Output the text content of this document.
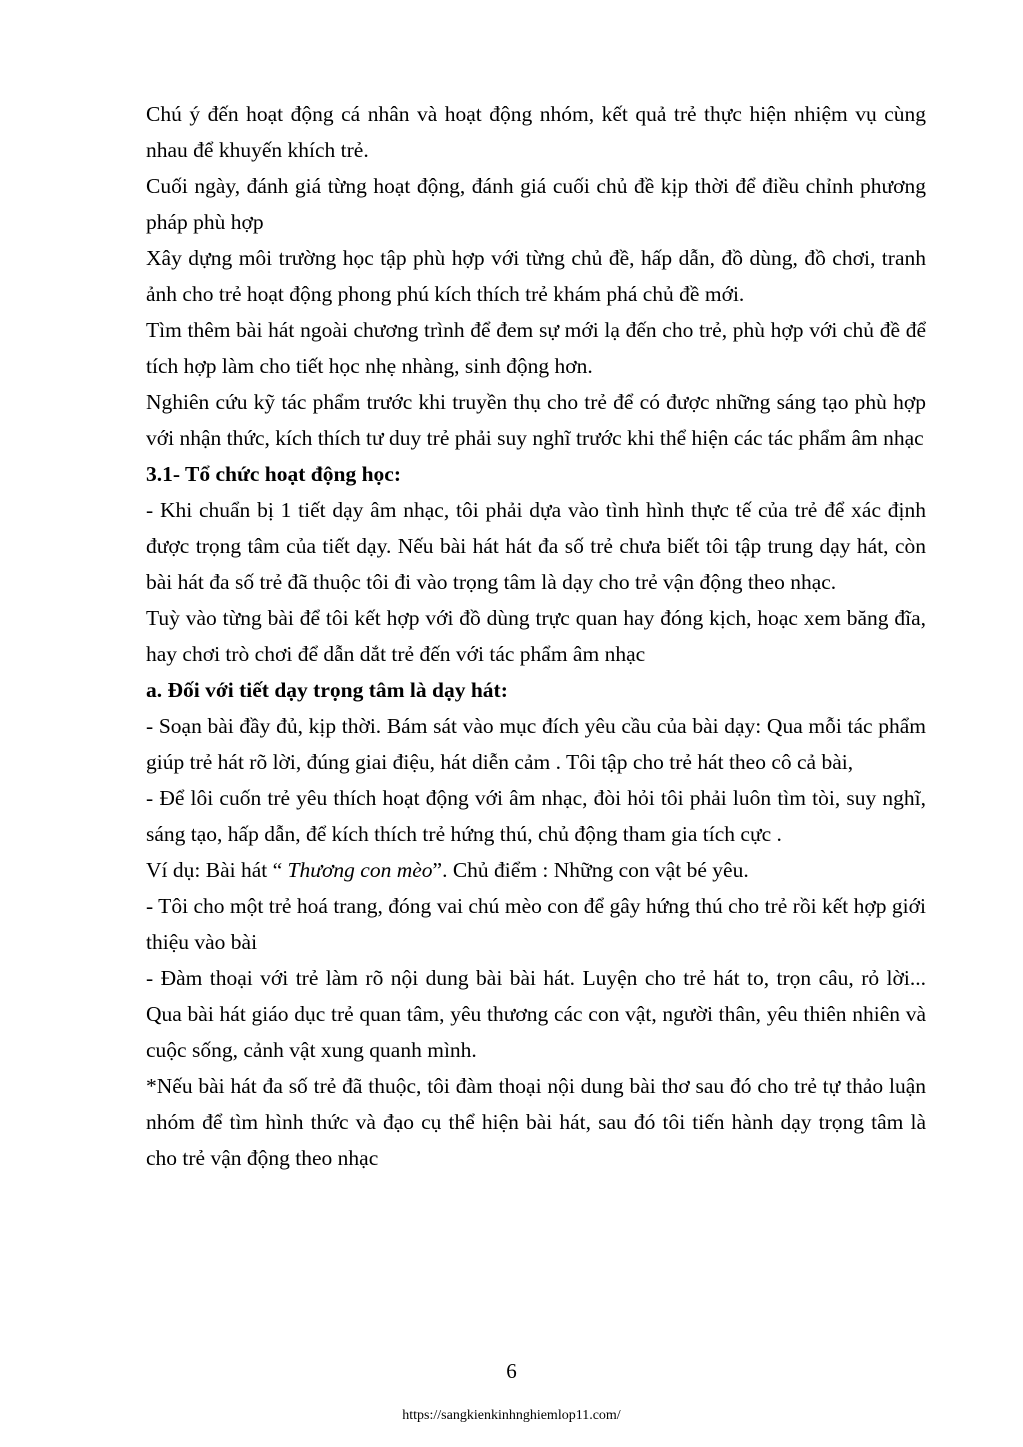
Chú ý đến hoạt động cá nhân và hoạt động nhóm, kết quả trẻ thực hiện nhiệm vụ cùng nhau để khuyến khích trẻ.

Cuối ngày, đánh giá từng hoạt động, đánh giá cuối chủ đề kịp thời để điều chỉnh phương pháp phù hợp

Xây dựng môi trường học tập phù hợp với từng chủ đề, hấp dẫn, đồ dùng, đồ chơi, tranh ảnh cho trẻ hoạt động phong phú kích thích trẻ khám phá chủ đề mới.

Tìm thêm bài hát ngoài chương trình để đem sự mới lạ đến cho trẻ, phù hợp với chủ đề để tích hợp làm cho tiết học nhẹ nhàng, sinh động hơn.

Nghiên cứu kỹ tác phẩm trước khi truyền thụ cho trẻ để có được những sáng tạo phù hợp với nhận thức, kích thích tư duy trẻ phải suy nghĩ trước khi thể hiện các tác phẩm âm nhạc

3.1- Tổ chức hoạt động học:

- Khi chuẩn bị 1 tiết dạy âm nhạc, tôi phải dựa vào tình hình thực tế của trẻ để xác định được trọng tâm của tiết dạy. Nếu bài hát hát đa số trẻ chưa biết tôi tập trung dạy hát, còn bài hát đa số trẻ đã thuộc tôi đi vào trọng tâm là dạy cho trẻ vận động theo nhạc.

Tuỳ vào từng bài để tôi kết hợp với đồ dùng trực quan hay đóng kịch, hoạc xem băng đĩa, hay chơi trò chơi để dẫn dắt trẻ đến với tác phẩm âm nhạc

a. Đối với tiết dạy trọng tâm là dạy hát:

- Soạn bài đầy đủ, kịp thời. Bám sát vào mục đích yêu cầu của bài dạy: Qua mỗi tác phẩm giúp trẻ hát rõ lời, đúng giai điệu, hát diễn cảm . Tôi tập cho trẻ hát theo cô cả bài,

- Để lôi cuốn trẻ yêu thích hoạt động với âm nhạc, đòi hỏi tôi phải luôn tìm tòi, suy nghĩ, sáng tạo, hấp dẫn, để kích thích trẻ hứng thú, chủ động tham gia tích cực .

Ví dụ: Bài hát “ Thương con mèo”. Chủ điểm : Những con vật bé yêu.

- Tôi cho một trẻ hoá trang, đóng vai chú mèo con để gây hứng thú cho trẻ rồi kết hợp giới thiệu vào bài

- Đàm thoại với trẻ làm rõ nội dung bài bài hát. Luyện cho trẻ hát to, trọn câu, rỏ lời... Qua bài hát giáo dục trẻ quan tâm, yêu thương các con vật, người thân, yêu thiên nhiên và cuộc sống, cảnh vật xung quanh mình.

*Nếu bài hát đa số trẻ đã thuộc, tôi đàm thoại nội dung bài thơ sau đó cho trẻ tự thảo luận nhóm để tìm hình thức và đạo cụ thể hiện bài hát, sau đó tôi tiến hành dạy trọng tâm là cho trẻ vận động theo nhạc

6
https://sangkienkinhnghiemlop11.com/
